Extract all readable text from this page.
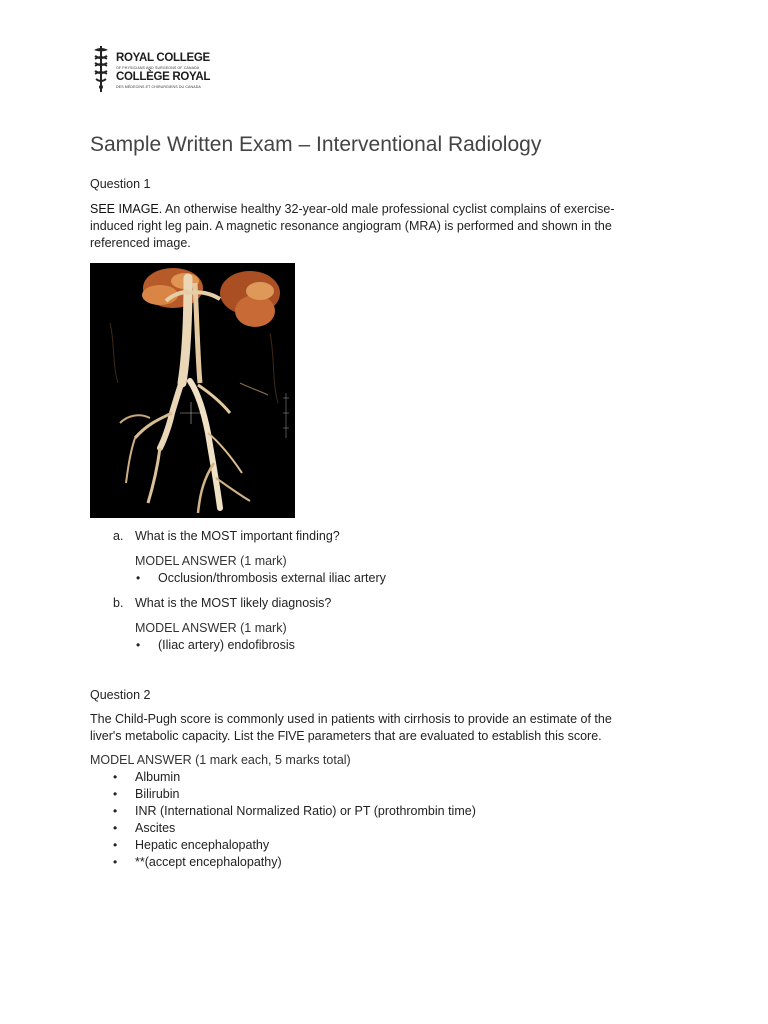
ROYAL COLLEGE
OF PHYSICIANS AND SURGEONS OF CANADA
COLLÈGE ROYAL
DES MÉDECINS ET CHIRURGIENS DU CANADA
Sample Written Exam – Interventional Radiology
Question 1
SEE IMAGE. An otherwise healthy 32-year-old male professional cyclist complains of exercise-
induced right leg pain. A magnetic resonance angiogram (MRA) is performed and shown in the
referenced image.
a. What is the MOST important finding?
MODEL ANSWER (1 mark)
• Occlusion/thrombosis external iliac artery
b. What is the MOST likely diagnosis?
MODEL ANSWER (1 mark)
• (Iliac artery) endofibrosis
Question 2
The Child-Pugh score is commonly used in patients with cirrhosis to provide an estimate of the
liver's metabolic capacity. List the FIVE parameters that are evaluated to establish this score.
MODEL ANSWER (1 mark each, 5 marks total)
• Albumin
• Bilirubin
• INR (International Normalized Ratio) or PT (prothrombin time)
• Ascites
• Hepatic encephalopathy
• **(accept encephalopathy)
